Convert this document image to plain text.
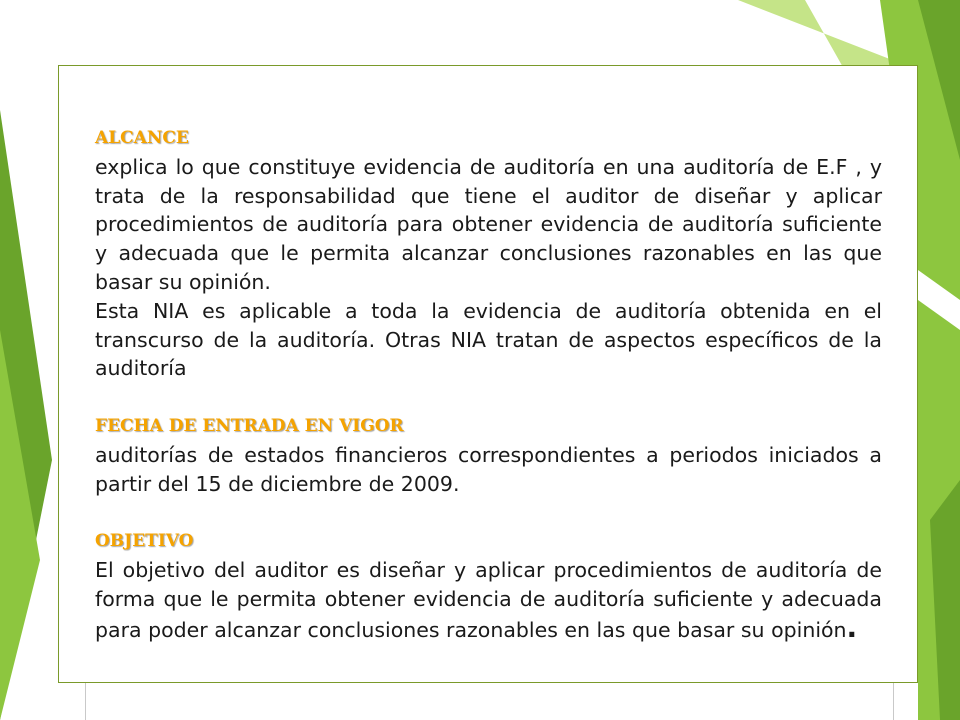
ALCANCE

explica lo que constituye evidencia de auditoría en una auditoría de E.F , y trata de la responsabilidad que tiene el auditor de diseñar y aplicar procedimientos de auditoría para obtener evidencia de auditoría suficiente y adecuada que le permita alcanzar conclusiones razonables en las que basar su opinión.

Esta NIA es aplicable a toda la evidencia de auditoría obtenida en el transcurso de la auditoría. Otras NIA tratan de aspectos específicos de la auditoría

FECHA DE ENTRADA EN VIGOR

auditorías de estados financieros correspondientes a periodos iniciados a partir del 15 de diciembre de 2009.

OBJETIVO

El objetivo del auditor es diseñar y aplicar procedimientos de auditoría de forma que le permita obtener evidencia de auditoría suficiente y adecuada para poder alcanzar conclusiones razonables en las que basar su opinión.
